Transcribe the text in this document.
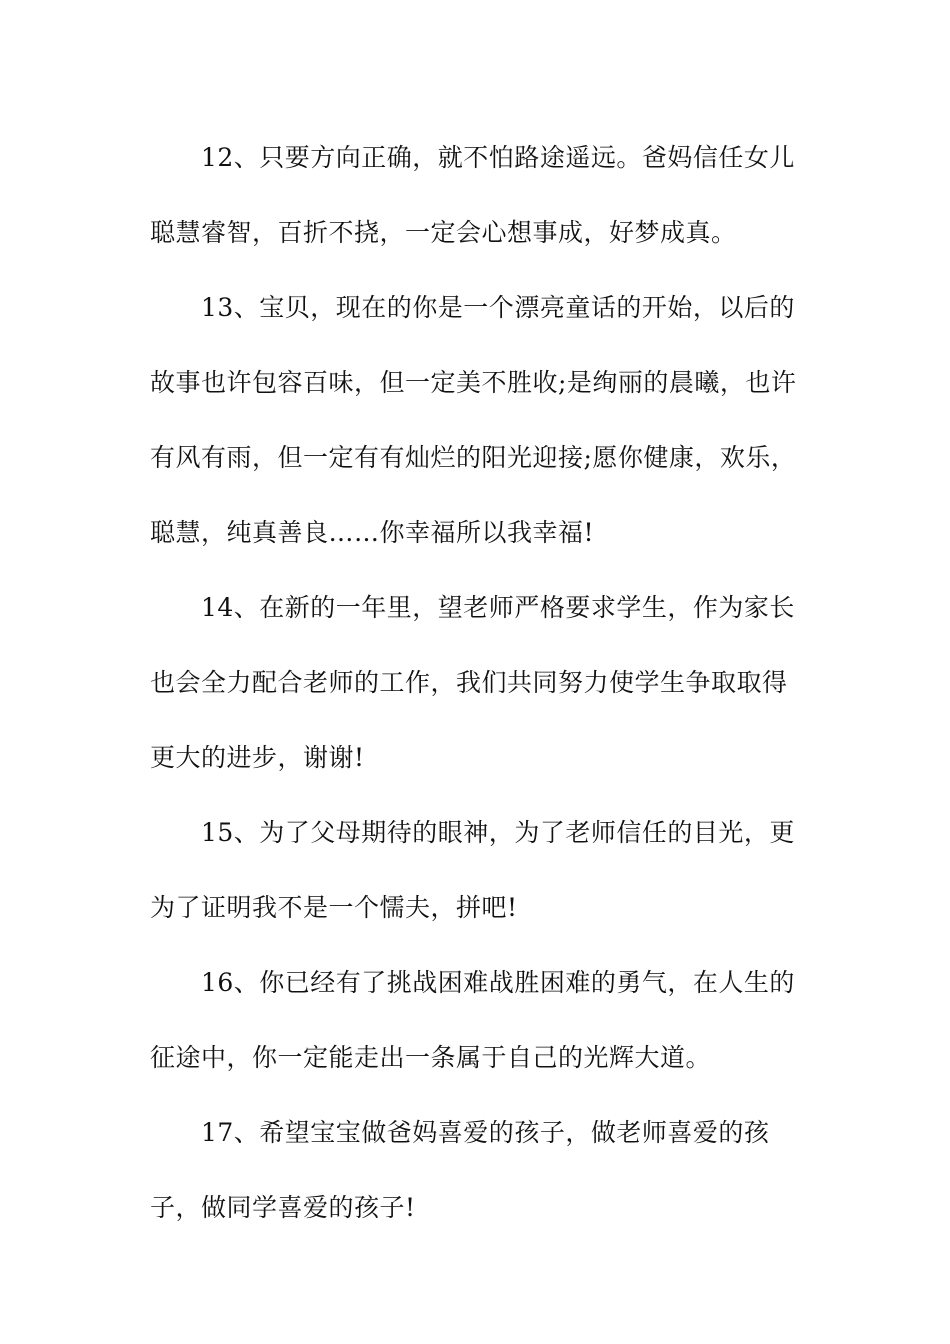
12、只要方向正确，就不怕路途遥远。爸妈信任女儿聪慧睿智，百折不挠，一定会心想事成，好梦成真。

13、宝贝，现在的你是一个漂亮童话的开始，以后的故事也许包容百味，但一定美不胜收;是绚丽的晨曦，也许有风有雨，但一定有有灿烂的阳光迎接;愿你健康，欢乐，聪慧，纯真善良……你幸福所以我幸福!

14、在新的一年里，望老师严格要求学生，作为家长也会全力配合老师的工作，我们共同努力使学生争取取得更大的进步，谢谢!

15、为了父母期待的眼神，为了老师信任的目光，更为了证明我不是一个懦夫，拼吧!

16、你已经有了挑战困难战胜困难的勇气，在人生的征途中，你一定能走出一条属于自己的光辉大道。

17、希望宝宝做爸妈喜爱的孩子，做老师喜爱的孩子，做同学喜爱的孩子!
